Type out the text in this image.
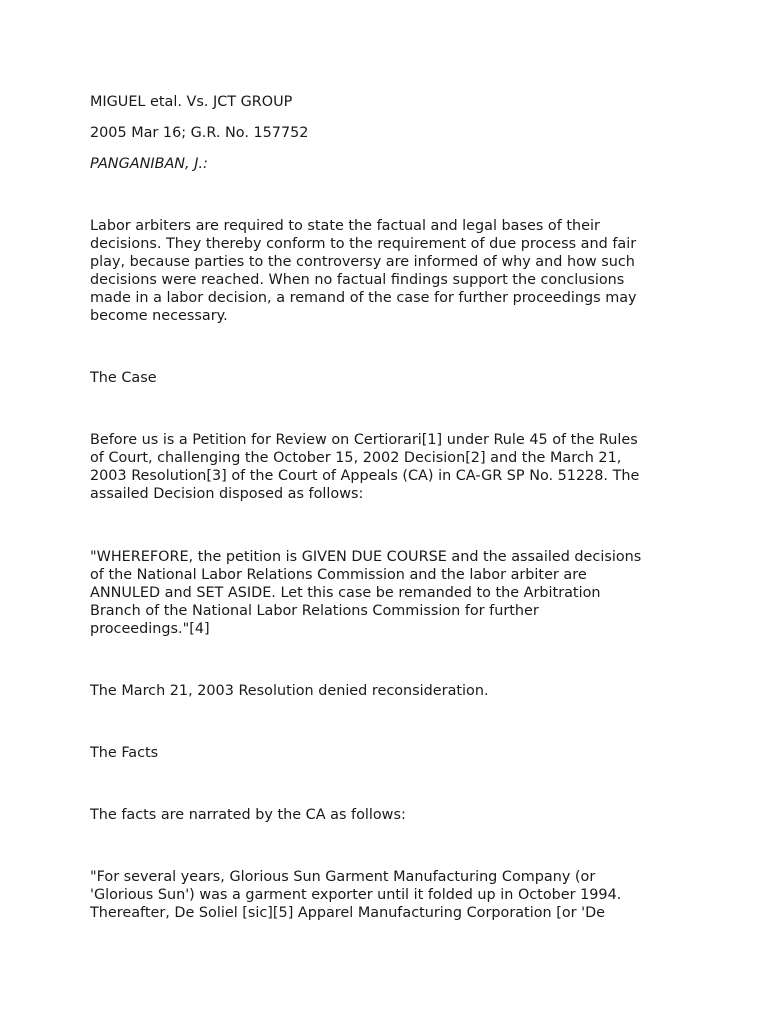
MIGUEL etal. Vs. JCT GROUP
2005 Mar 16; G.R. No. 157752
PANGANIBAN, J.:
Labor arbiters are required to state the factual and legal bases of their
decisions. They thereby conform to the requirement of due process and fair
play, because parties to the controversy are informed of why and how such
decisions were reached. When no factual findings support the conclusions
made in a labor decision, a remand of the case for further proceedings may
become necessary.
The Case
Before us is a Petition for Review on Certiorari[1] under Rule 45 of the Rules
of Court, challenging the October 15, 2002 Decision[2] and the March 21,
2003 Resolution[3] of the Court of Appeals (CA) in CA-GR SP No. 51228. The
assailed Decision disposed as follows:
"WHEREFORE, the petition is GIVEN DUE COURSE and the assailed decisions
of the National Labor Relations Commission and the labor arbiter are
ANNULED and SET ASIDE. Let this case be remanded to the Arbitration
Branch of the National Labor Relations Commission for further
proceedings."[4]
The March 21, 2003 Resolution denied reconsideration.
The Facts
The facts are narrated by the CA as follows:
"For several years, Glorious Sun Garment Manufacturing Company (or
'Glorious Sun') was a garment exporter until it folded up in October 1994.
Thereafter, De Soliel [sic][5] Apparel Manufacturing Corporation [or 'De
